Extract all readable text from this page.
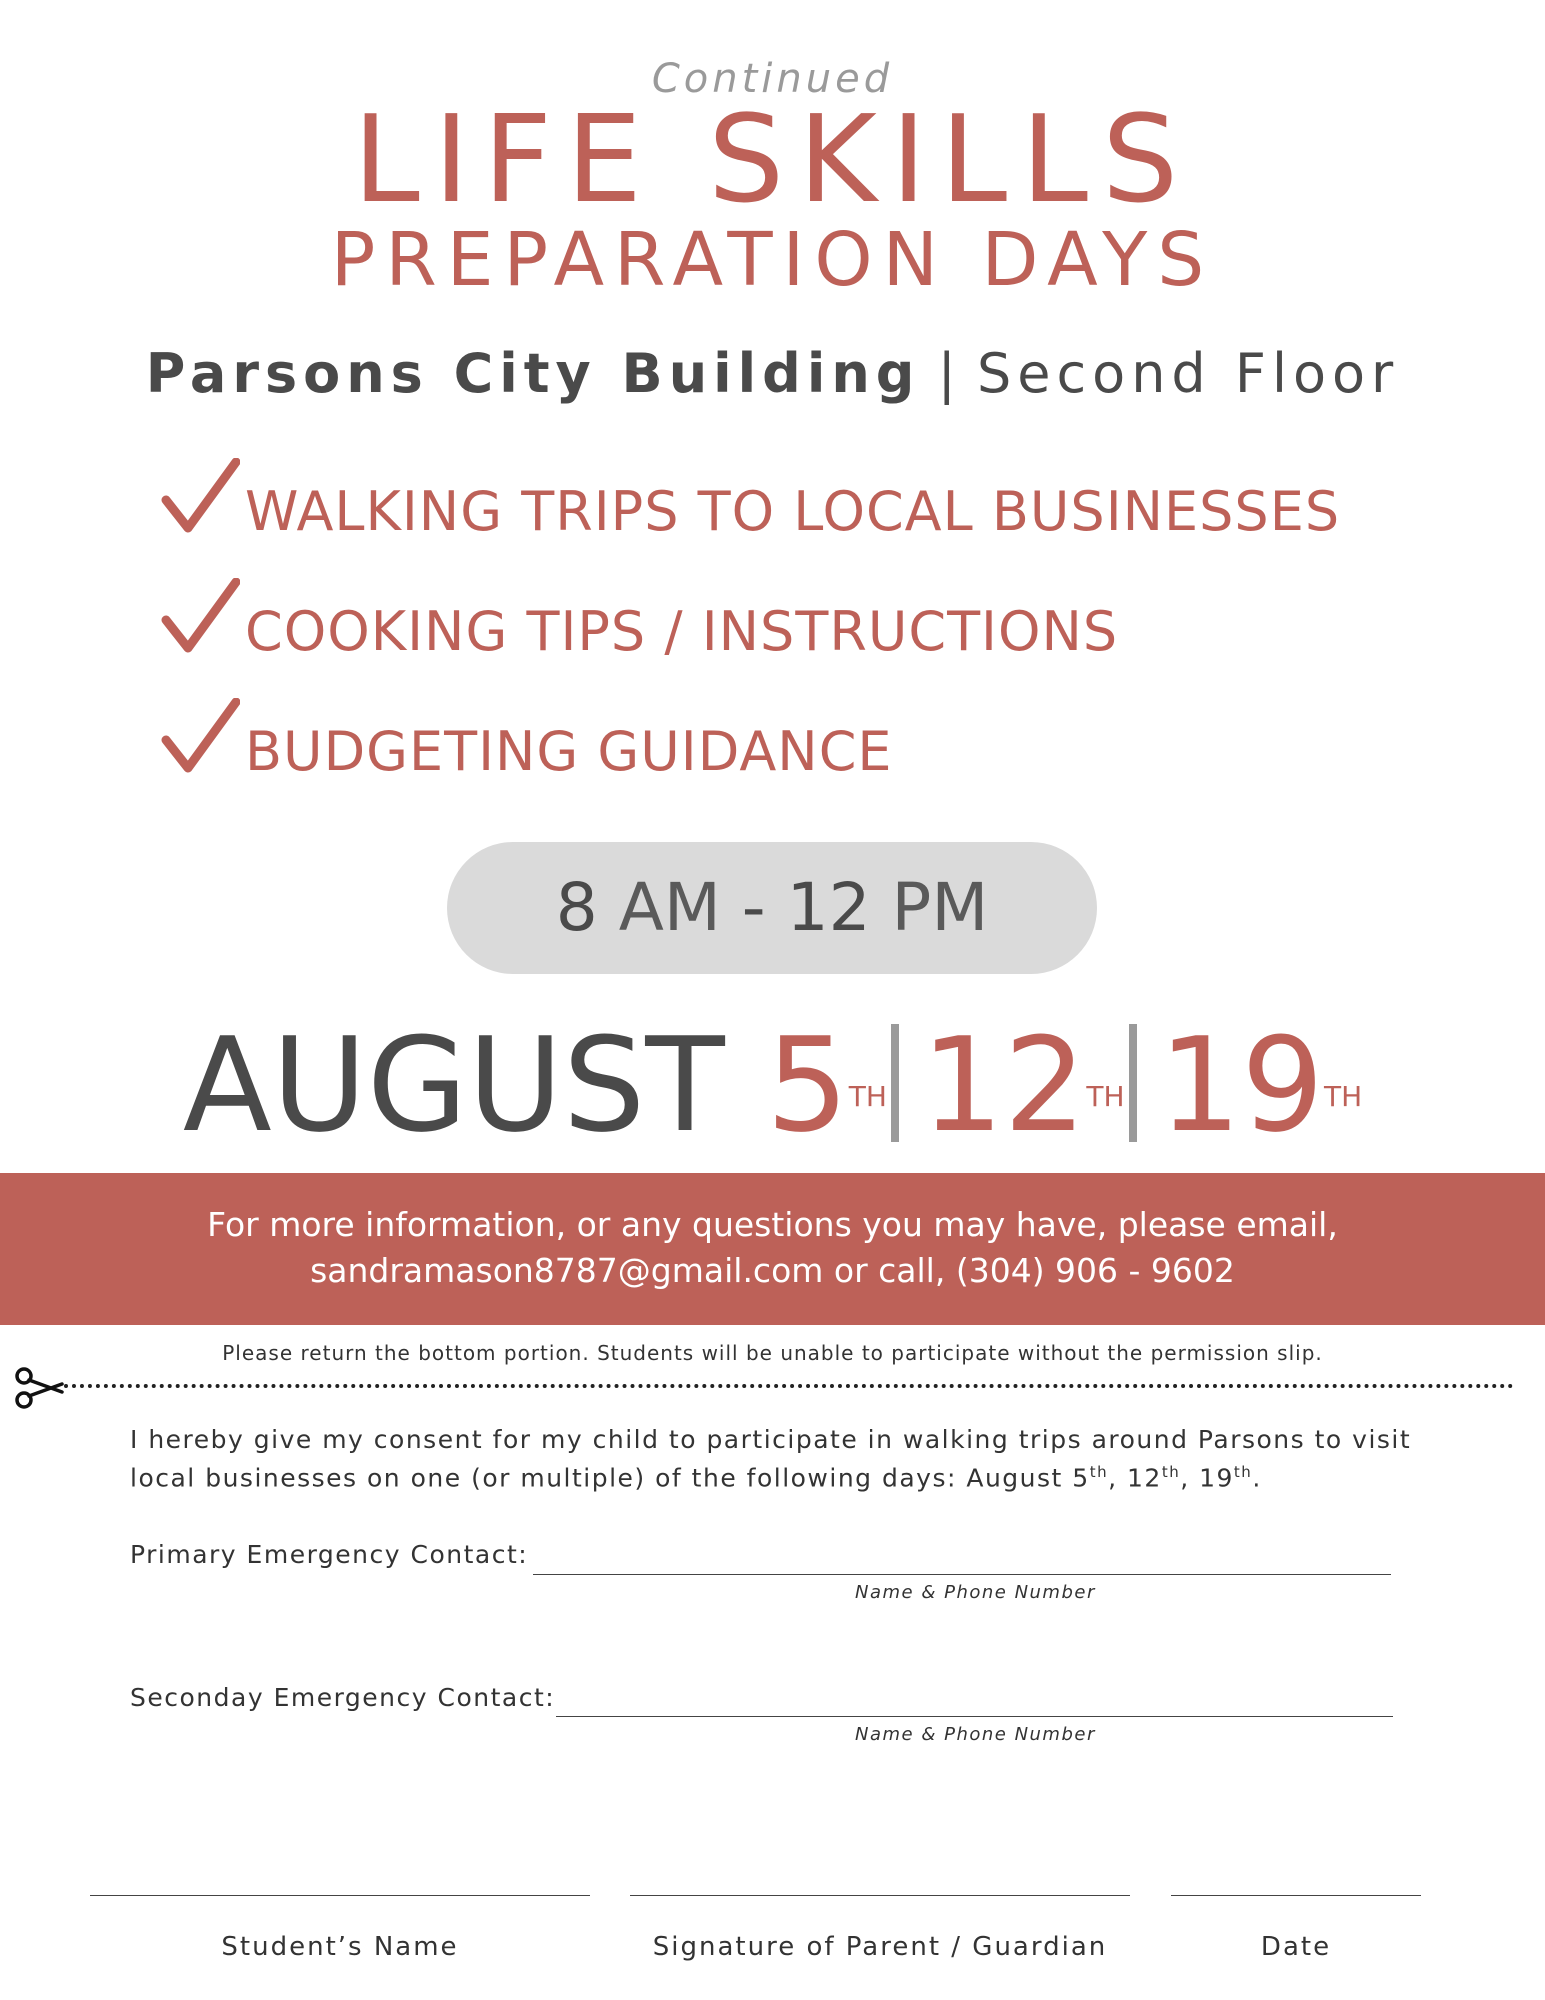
Continued
LIFE SKILLS
PREPARATION DAYS
Parsons City Building | Second Floor
WALKING TRIPS TO LOCAL BUSINESSES
COOKING TIPS / INSTRUCTIONS
BUDGETING GUIDANCE
8 AM - 12 PM
AUGUST 5TH 12TH 19TH
For more information, or any questions you may have, please email,
sandramason8787@gmail.com or call, (304) 906 - 9602
Please return the bottom portion. Students will be unable to participate without the permission slip.
I hereby give my consent for my child to participate in walking trips around Parsons to visit
local businesses on one (or multiple) of the following days: August 5th, 12th, 19th.
Primary Emergency Contact:
Name & Phone Number
Seconday Emergency Contact:
Name & Phone Number
Student’s Name	Signature of Parent / Guardian	Date
